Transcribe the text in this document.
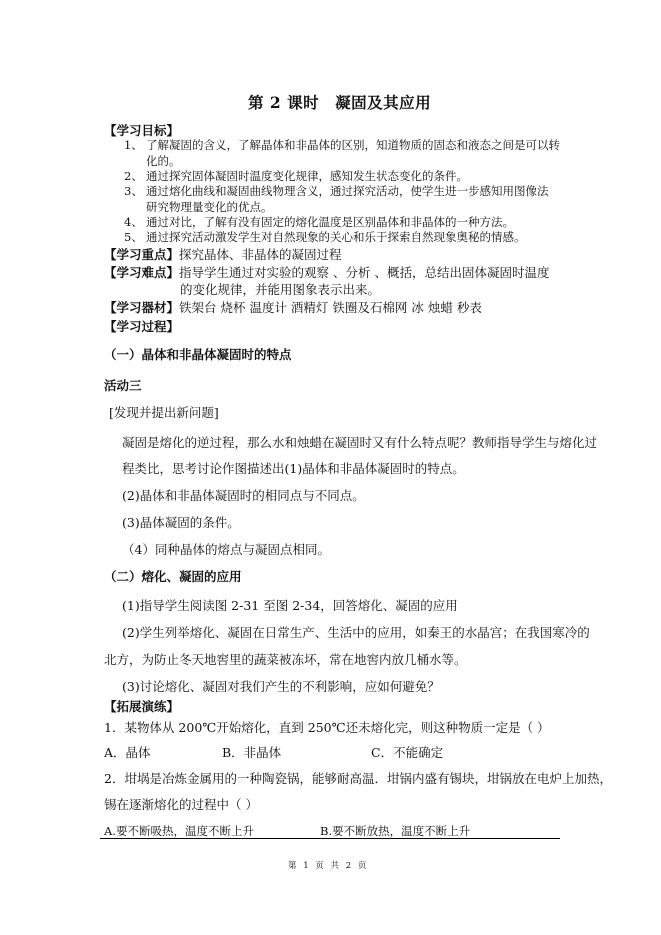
第 2 课时　凝固及其应用
【学习目标】
1、 了解凝固的含义，了解晶体和非晶体的区别，知道物质的固态和液态之间是可以转
化的。
2、 通过探究固体凝固时温度变化规律，感知发生状态变化的条件。
3、 通过熔化曲线和凝固曲线物理含义，通过探究活动，使学生进一步感知用图像法
研究物理量变化的优点。
4、 通过对比，了解有没有固定的熔化温度是区别晶体和非晶体的一种方法。
5、 通过探究活动激发学生对自然现象的关心和乐于探索自然现象奥秘的情感。
【学习重点】探究晶体、非晶体的凝固过程
【学习难点】指导学生通过对实验的观察 、分析 、概括，总结出固体凝固时温度
的变化规律，并能用图象表示出来。
【学习器材】铁架台 烧杯 温度计 酒精灯 铁圈及石棉网 冰 烛蜡 秒表
【学习过程】
（一）晶体和非晶体凝固时的特点
活动三
[发现并提出新问题]
凝固是熔化的逆过程，那么水和烛蜡在凝固时又有什么特点呢？教师指导学生与熔化过
程类比，思考讨论作图描述出(1)晶体和非晶体凝固时的特点。
(2)晶体和非晶体凝固时的相同点与不同点。
(3)晶体凝固的条件。
（4）同种晶体的熔点与凝固点相同。
（二）熔化、凝固的应用
(1)指导学生阅读图 2-31 至图 2-34，回答熔化、凝固的应用
(2)学生列举熔化、凝固在日常生产、生活中的应用，如秦王的水晶宫；在我国寒冷的
北方，为防止冬天地窖里的蔬菜被冻坏，常在地窖内放几桶水等。
(3)讨论熔化、凝固对我们产生的不利影响，应如何避免？
【拓展演练】
1．某物体从 200℃开始熔化，直到 250℃还未熔化完，则这种物质一定是（ ）
A．晶体	B．非晶体	C．不能确定
2．坩埚是冶炼金属用的一种陶瓷锅，能够耐高温．坩锅内盛有锡块，坩锅放在电炉上加热，
锡在逐渐熔化的过程中（ ）
A.要不断吸热，温度不断上升	B.要不断放热，温度不断上升
第 1 页 共 2 页
